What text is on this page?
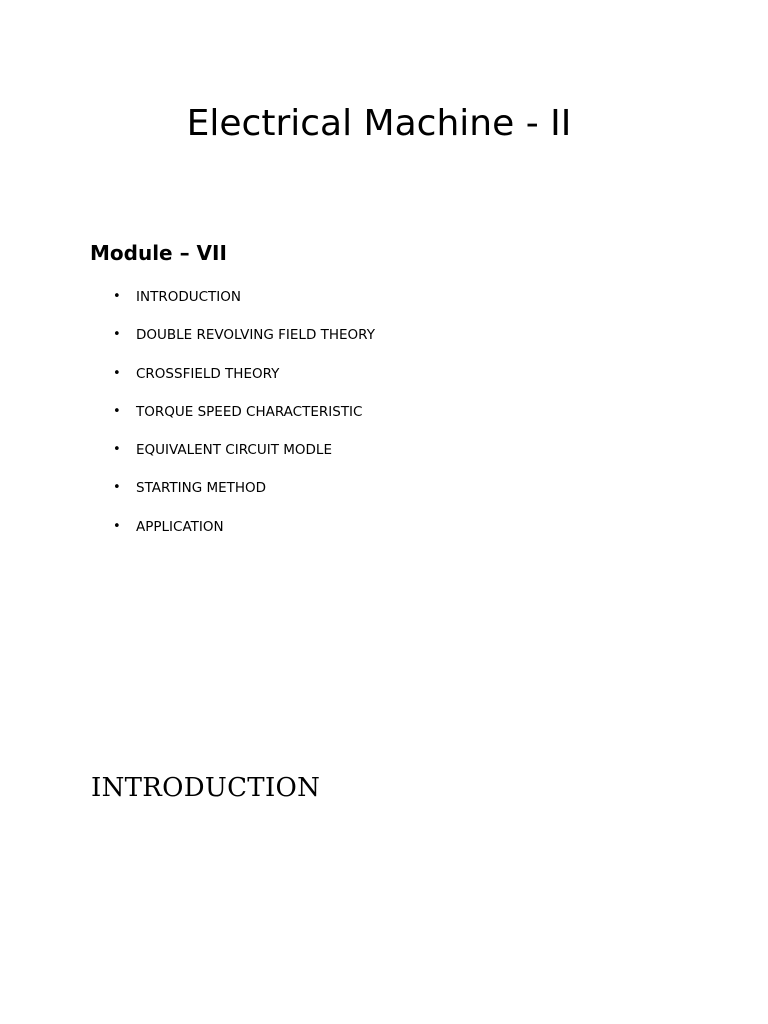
Electrical Machine - II
Module – VII
• INTRODUCTION
• DOUBLE REVOLVING FIELD THEORY
• CROSSFIELD THEORY
• TORQUE SPEED CHARACTERISTIC
• EQUIVALENT CIRCUIT MODLE
• STARTING METHOD
• APPLICATION
INTRODUCTION
